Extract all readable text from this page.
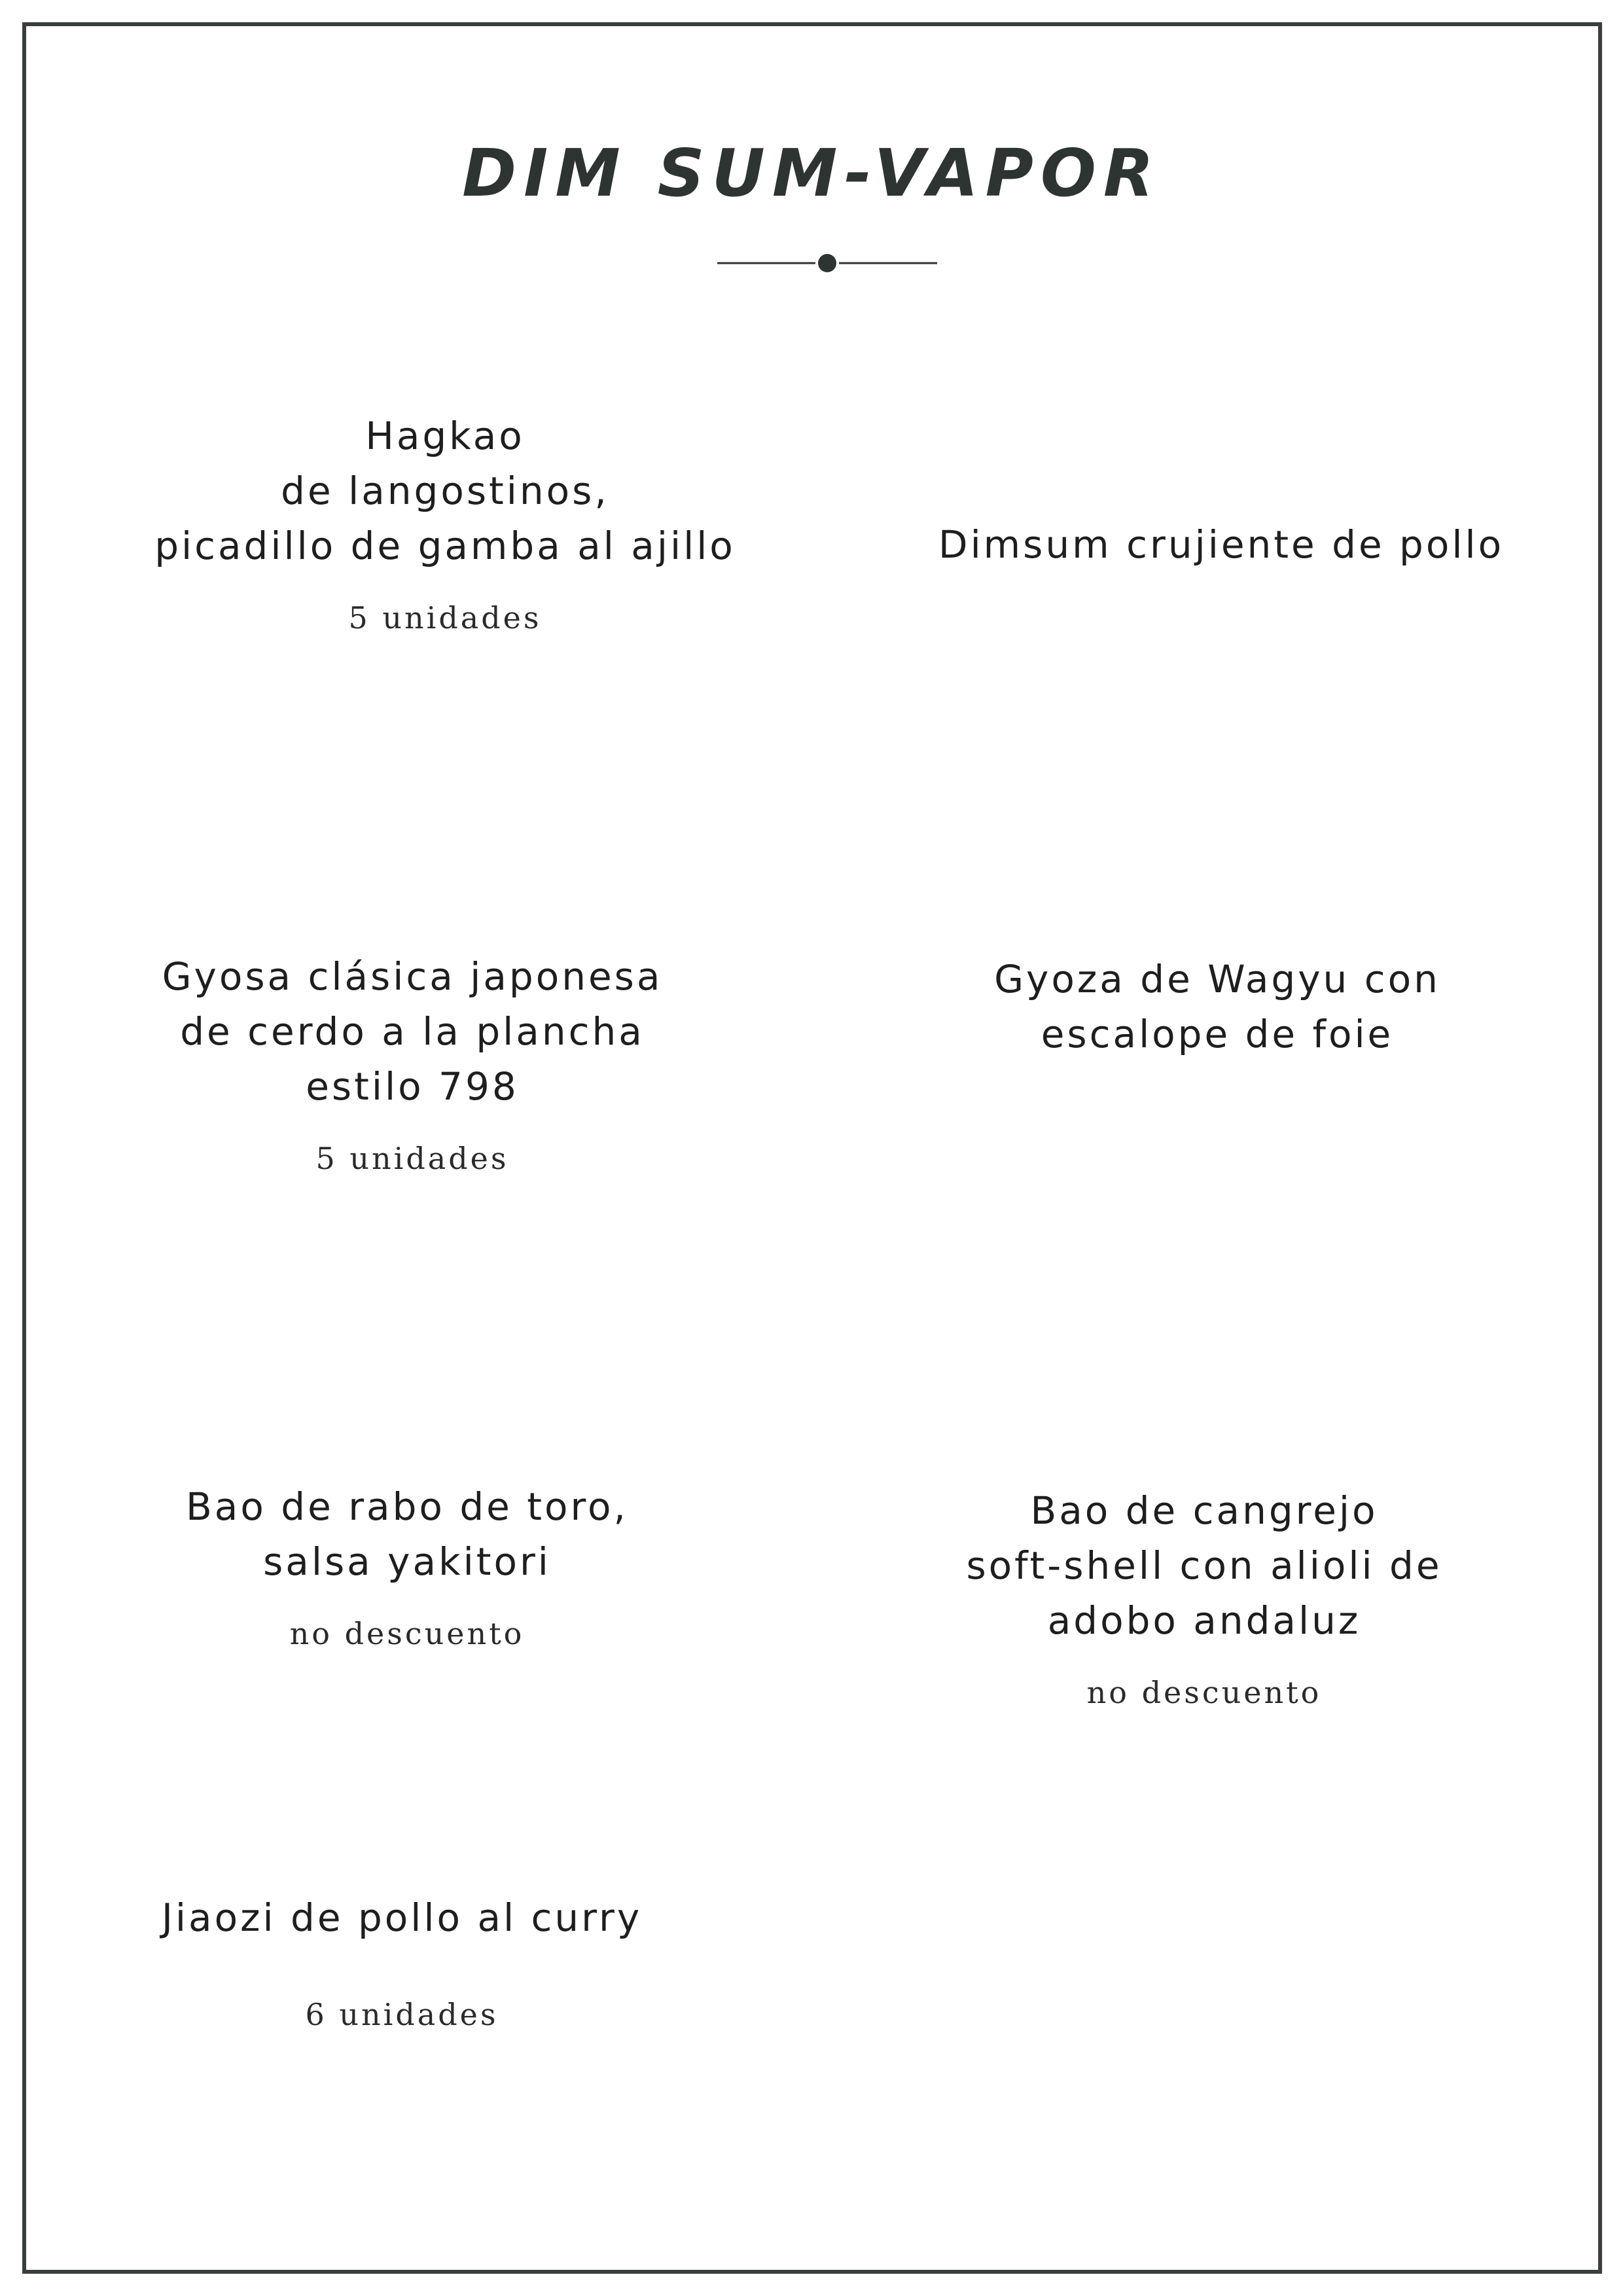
DIM SUM-VAPOR

Hagkao
de langostinos,
picadillo de gamba al ajillo

5 unidades

Dimsum crujiente de pollo

Gyosa clásica japonesa
de cerdo a la plancha
estilo 798

5 unidades

Gyoza de Wagyu con
escalope de foie

Bao de rabo de toro,
salsa yakitori

no descuento

Bao de cangrejo
soft-shell con alioli de
adobo andaluz

no descuento

Jiaozi de pollo al curry

6 unidades
